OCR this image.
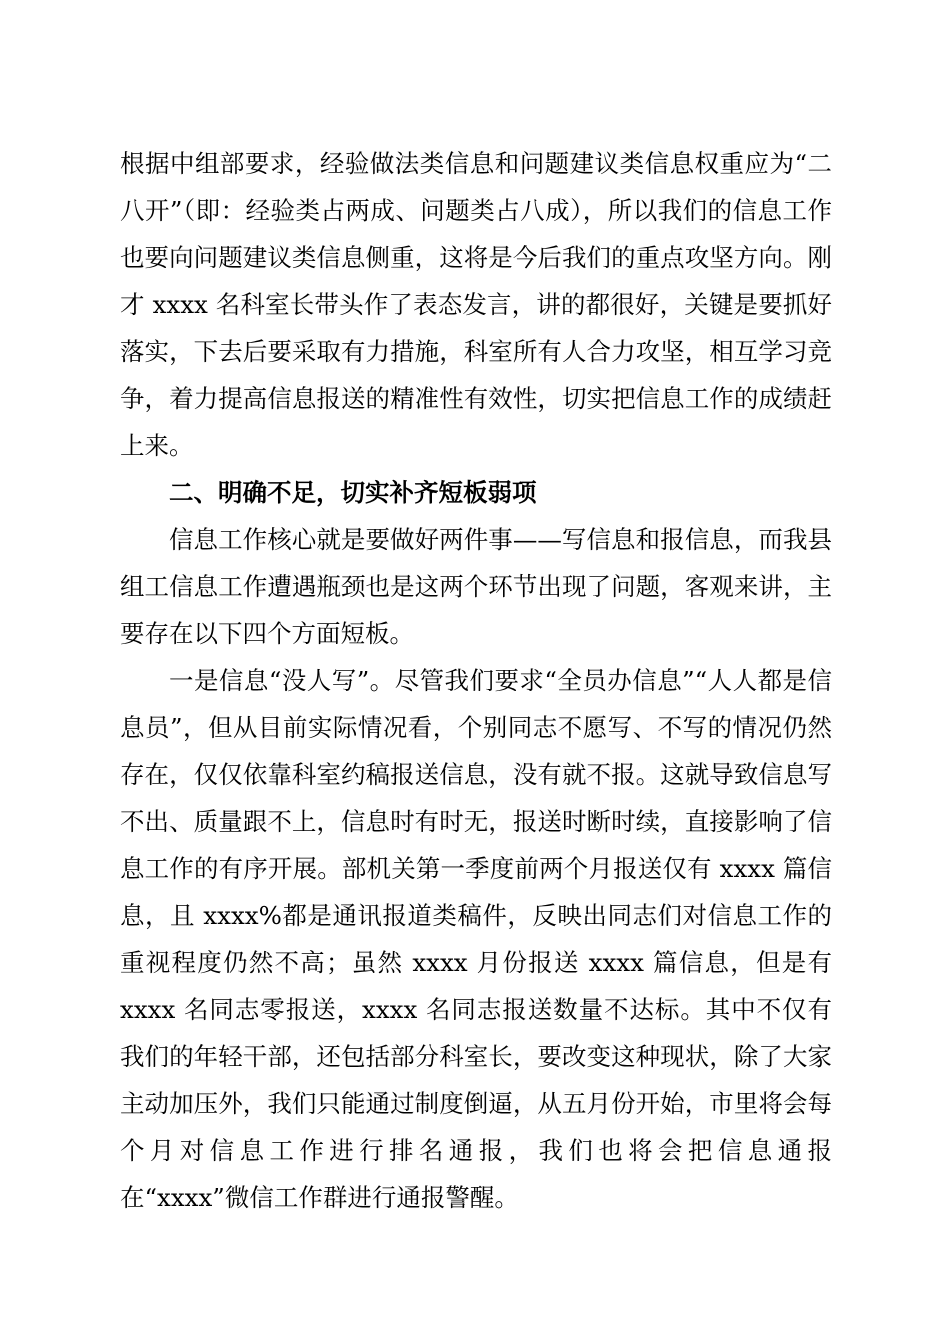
根据中组部要求，经验做法类信息和问题建议类信息权重应为“二八开”（即：经验类占两成、问题类占八成），所以我们的信息工作也要向问题建议类信息侧重，这将是今后我们的重点攻坚方向。刚才 xxxx 名科室长带头作了表态发言，讲的都很好，关键是要抓好落实，下去后要采取有力措施，科室所有人合力攻坚，相互学习竞争，着力提高信息报送的精准性有效性，切实把信息工作的成绩赶上来。

二、明确不足，切实补齐短板弱项

信息工作核心就是要做好两件事——写信息和报信息，而我县组工信息工作遭遇瓶颈也是这两个环节出现了问题，客观来讲，主要存在以下四个方面短板。

一是信息“没人写”。尽管我们要求“全员办信息”“人人都是信息员”，但从目前实际情况看，个别同志不愿写、不写的情况仍然存在，仅仅依靠科室约稿报送信息，没有就不报。这就导致信息写不出、质量跟不上，信息时有时无，报送时断时续，直接影响了信息工作的有序开展。部机关第一季度前两个月报送仅有 xxxx 篇信息，且 xxxx%都是通讯报道类稿件，反映出同志们对信息工作的重视程度仍然不高；虽然 xxxx 月份报送 xxxx 篇信息，但是有 xxxx 名同志零报送，xxxx 名同志报送数量不达标。其中不仅有我们的年轻干部，还包括部分科室长，要改变这种现状，除了大家主动加压外，我们只能通过制度倒逼，从五月份开始，市里将会每个月对信息工作进行排名通报，我们也将会把信息通报在“xxxx”微信工作群进行通报警醒。
